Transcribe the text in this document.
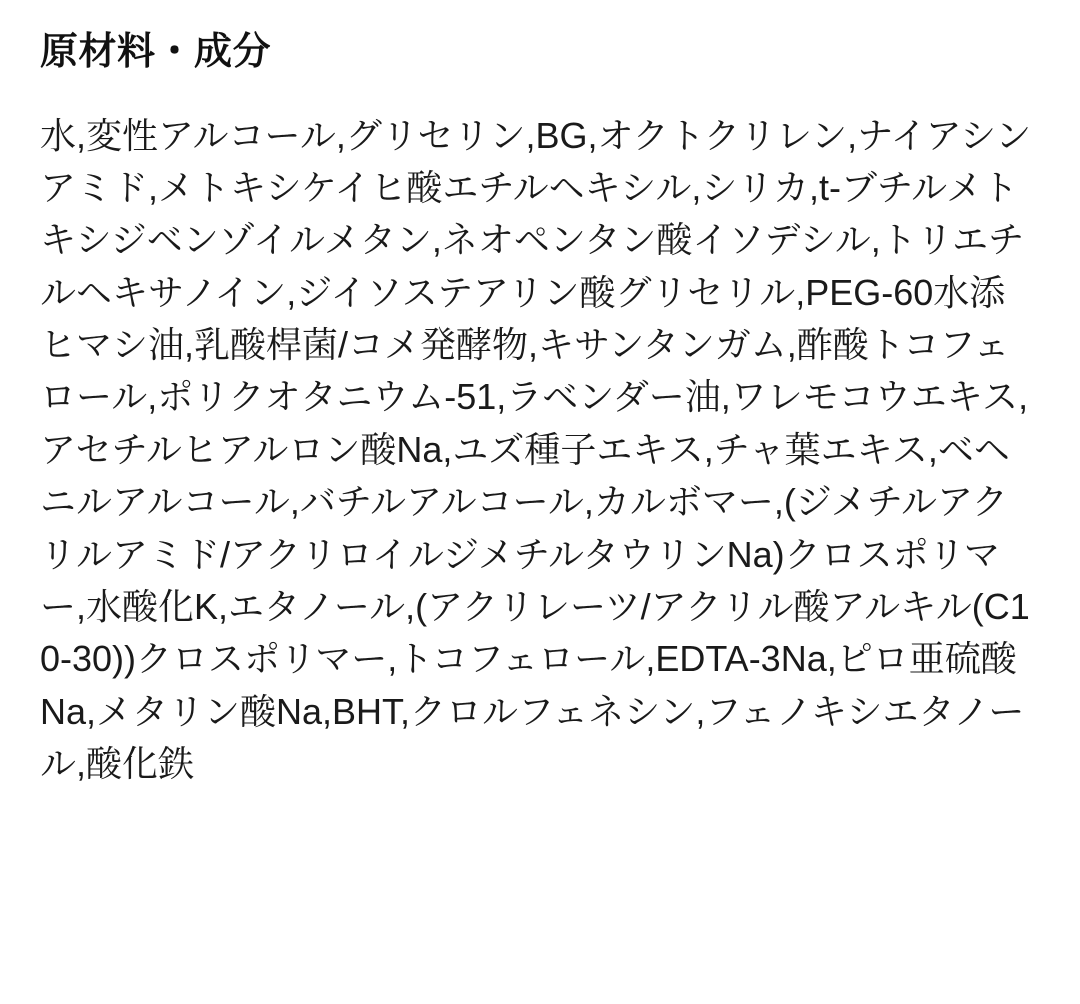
原材料・成分

水,変性アルコール,グリセリン,BG,オクトクリレン,ナイアシンアミド,メトキシケイヒ酸エチルヘキシル,シリカ,t-ブチルメトキシジベンゾイルメタン,ネオペンタン酸イソデシル,トリエチルヘキサノイン,ジイソステアリン酸グリセリル,PEG-60水添ヒマシ油,乳酸桿菌/コメ発酵物,キサンタンガム,酢酸トコフェロール,ポリクオタニウム-51,ラベンダー油,ワレモコウエキス,アセチルヒアルロン酸Na,ユズ種子エキス,チャ葉エキス,ベヘニルアルコール,バチルアルコール,カルボマー,(ジメチルアクリルアミド/アクリロイルジメチルタウリンNa)クロスポリマー,水酸化K,エタノール,(アクリレーツ/アクリル酸アルキル(C10-30))クロスポリマー,トコフェロール,EDTA-3Na,ピロ亜硫酸Na,メタリン酸Na,BHT,クロルフェネシン,フェノキシエタノール,酸化鉄
